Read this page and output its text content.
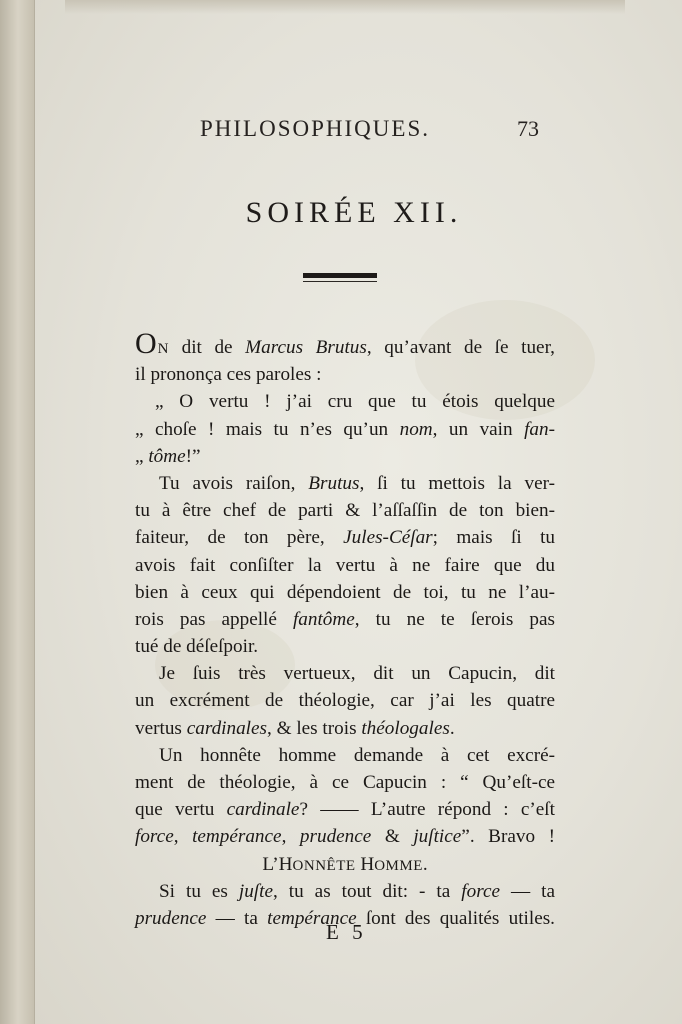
PHILOSOPHIQUES.	73
SOIRÉE XII.
ON dit de Marcus Brutus, qu’avant de ſe tuer,
il prononça ces paroles :
„ O vertu ! j’ai cru que tu étois quelque
„ choſe ! mais tu n’es qu’un nom, un vain fan-
„ tôme!”
Tu avois raiſon, Brutus, ſi tu mettois la ver-
tu à être chef de parti & l’aſſaſſin de ton bien-
faiteur, de ton père, Jules-Céſar; mais ſi tu
avois fait conſiſter la vertu à ne faire que du
bien à ceux qui dépendoient de toi, tu ne l’au-
rois pas appellé fantôme, tu ne te ſerois pas
tué de déſeſpoir.
Je ſuis très vertueux, dit un Capucin, dit
un excrément de théologie, car j’ai les quatre
vertus cardinales, & les trois théologales.
Un honnête homme demande à cet excré-
ment de théologie, à ce Capucin : “ Qu’eſt-ce
que vertu cardinale? —— L’autre répond : c’eſt
force, tempérance, prudence & juſtice”. Bravo !
L’HONNÊTE HOMME.
Si tu es juſte, tu as tout dit: - ta force — ta
prudence — ta tempérance ſont des qualités utiles.
E 5
